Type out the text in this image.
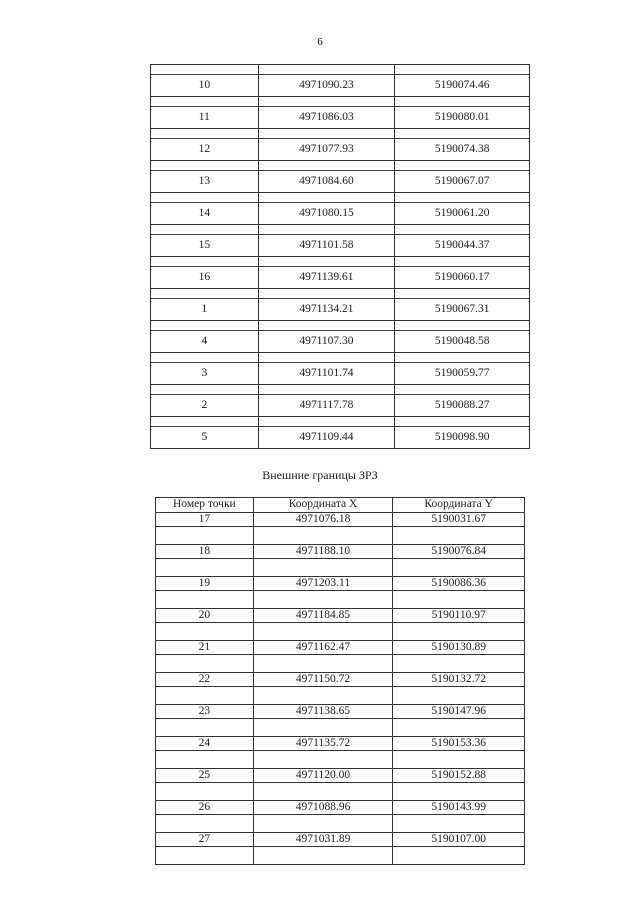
6

10	4971090.23	5190074.46

11	4971086.03	5190080.01

12	4971077.93	5190074.38

13	4971084.60	5190067.07

14	4971080.15	5190061.20

15	4971101.58	5190044.37

16	4971139.61	5190060.17

1	4971134.21	5190067.31

4	4971107.30	5190048.58

3	4971101.74	5190059.77

2	4971117.78	5190088.27

5	4971109.44	5190098.90
Внешние границы ЗРЗ
Номер точки	Координата X	Координата Y
17	4971076.18	5190031.67

18	4971188.10	5190076.84

19	4971203.11	5190086.36

20	4971184.85	5190110.97

21	4971162.47	5190130.89

22	4971150.72	5190132.72

23	4971138.65	5190147.96

24	4971135.72	5190153.36

25	4971120.00	5190152.88

26	4971088.96	5190143.99

27	4971031.89	5190107.00
